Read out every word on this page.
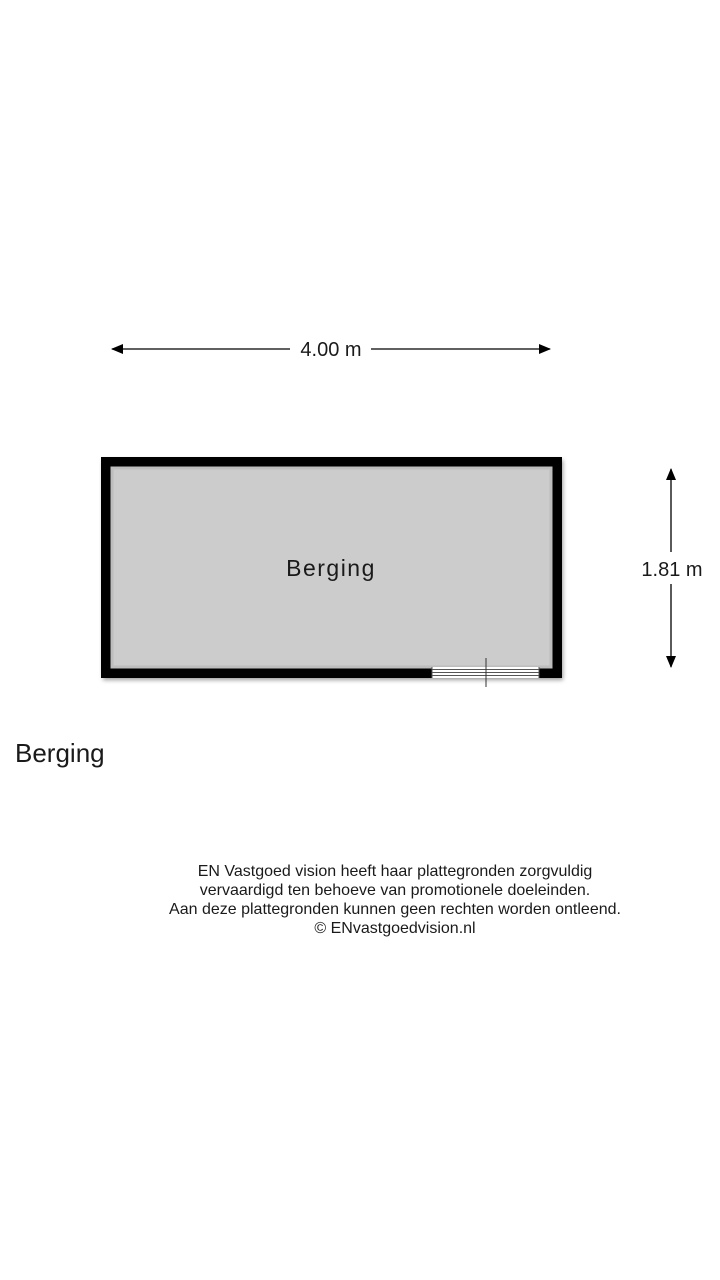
4.00 m
1.81 m
Berging
Berging
EN Vastgoed vision heeft haar plattegronden zorgvuldig
vervaardigd ten behoeve van promotionele doeleinden.
Aan deze plattegronden kunnen geen rechten worden ontleend.
© ENvastgoedvision.nl
